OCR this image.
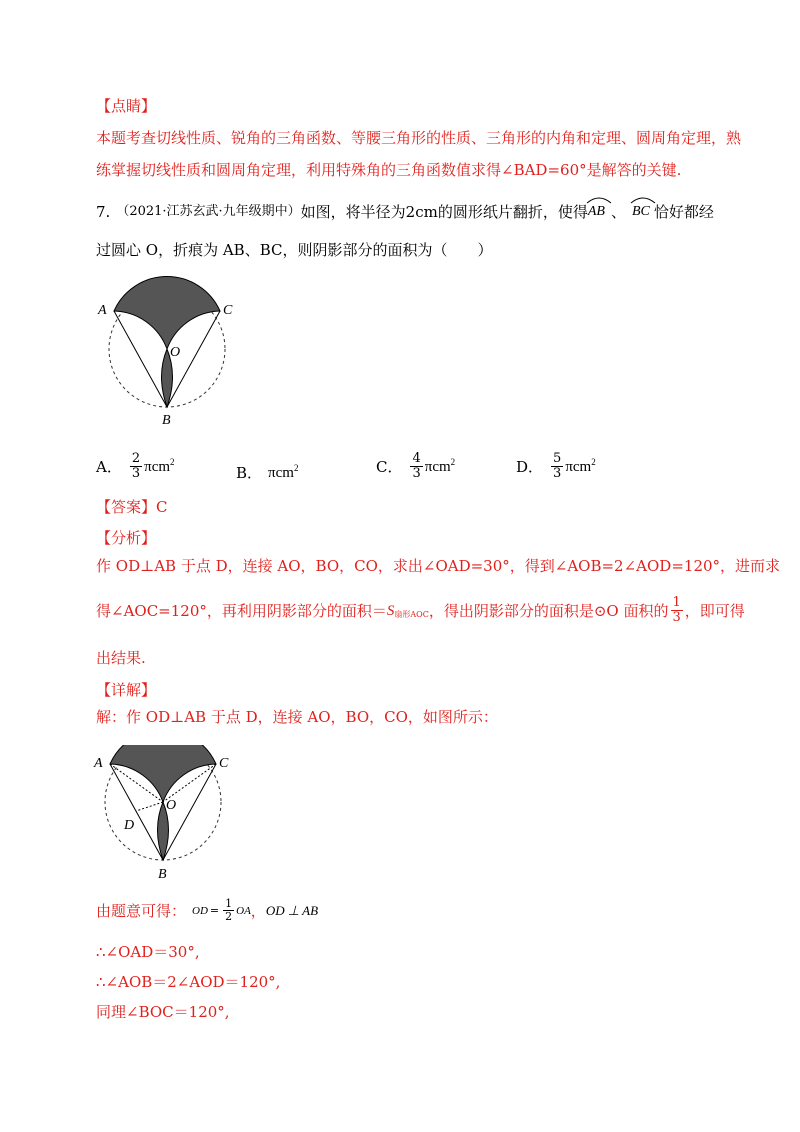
【点睛】
本题考查切线性质、锐角的三角函数、等腰三角形的性质、三角形的内角和定理、圆周角定理，熟
练掌握切线性质和圆周角定理，利用特殊角的三角函数值求得∠BAD=60°是解答的关键.
7. （2021·江苏玄武·九年级期中） 如图，将半径为2cm的圆形纸片翻折，使得 AB 、 BC 恰好都经
过圆心 O，折痕为 AB、BC，则阴影部分的面积为（　　）
A	C
O
B
A． $\frac{2}{3} \pi cm^2$
B． πcm$^2$	C． $\frac{4}{3} \pi cm^2$	D． $\frac{5}{3} \pi cm^2$
【答案】C
【分析】
作 OD⊥AB 于点 D，连接 AO，BO，CO，求出∠OAD=30°，得到∠AOB=2∠AOD=120°，进而求
得∠AOC=120°，再利用阴影部分的面积＝ S 扇形AOC ，得出阴影部分的面积是⊙O 面积的 $\frac{1}{3}$ ，即可得
出结果.
【详解】
解：作 OD⊥AB 于点 D，连接 AO，BO，CO，如图所示：
A	C
O
D
B
由题意可得： OD = $\frac{1}{2}$ OA ， OD ⊥ AB
∴∠OAD＝30°,
∴∠AOB＝2∠AOD＝120°,
同理∠BOC＝120°,
